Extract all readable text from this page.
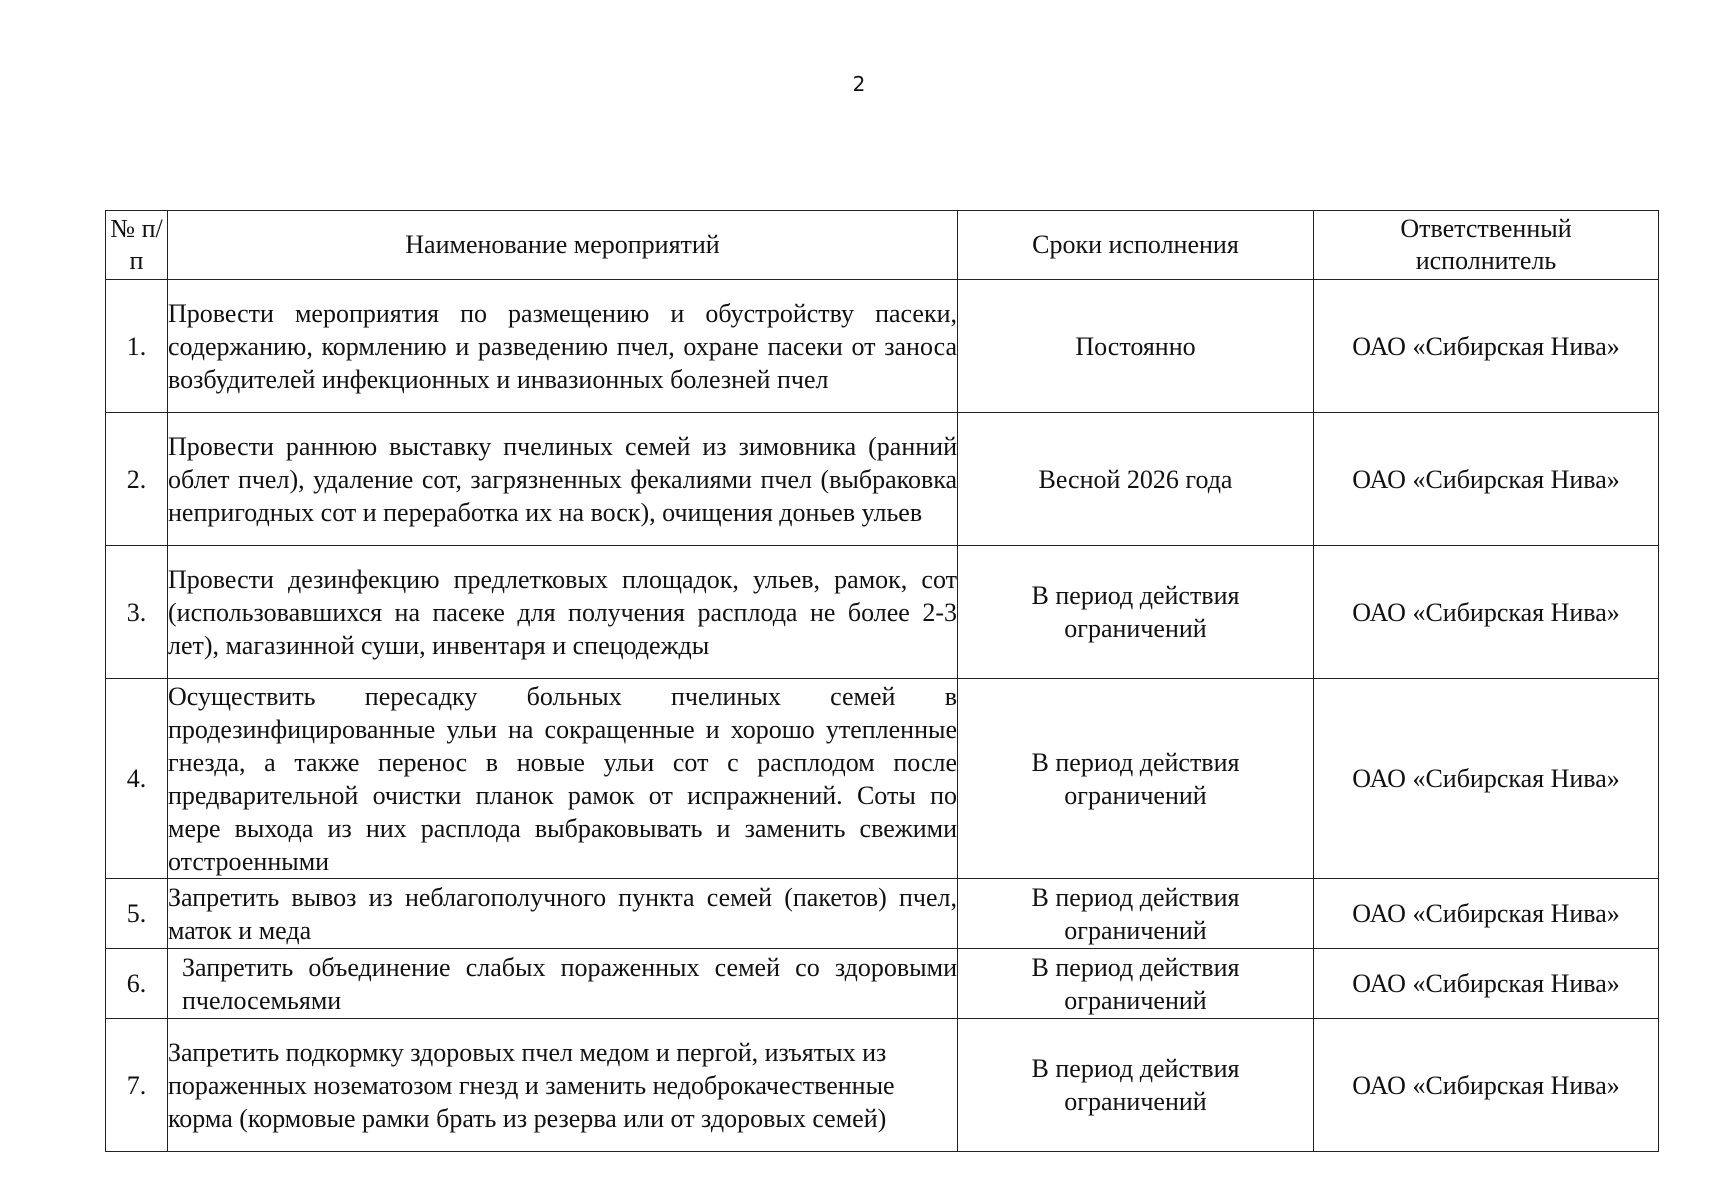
2
№ п/п	Наименование мероприятий	Сроки исполнения	Ответственный исполнитель
1.	Провести мероприятия по размещению и обустройству пасеки, содержанию, кормлению и разведению пчел, охране пасеки от заноса возбудителей инфекционных и инвазионных болезней пчел	Постоянно	ОАО «Сибирская Нива»
2.	Провести раннюю выставку пчелиных семей из зимовника (ранний облет пчел), удаление сот, загрязненных фекалиями пчел (выбраковка непригодных сот и переработка их на воск), очищения доньев ульев	Весной 2026 года	ОАО «Сибирская Нива»
3.	Провести дезинфекцию предлетковых площадок, ульев, рамок, сот (использовавшихся на пасеке для получения расплода не более 2-3 лет), магазинной суши, инвентаря и спецодежды	В период действия ограничений	ОАО «Сибирская Нива»
4.	Осуществить пересадку больных пчелиных семей в продезинфицированные ульи на сокращенные и хорошо утепленные гнезда, а также перенос в новые ульи сот с расплодом после предварительной очистки планок рамок от испражнений. Соты по мере выхода из них расплода выбраковывать и заменить свежими отстроенными	В период действия ограничений	ОАО «Сибирская Нива»
5.	Запретить вывоз из неблагополучного пункта семей (пакетов) пчел, маток и меда	В период действия ограничений	ОАО «Сибирская Нива»
6.	Запретить объединение слабых пораженных семей со здоровыми пчелосемьями	В период действия ограничений	ОАО «Сибирская Нива»
7.	Запретить подкормку здоровых пчел медом и пергой, изъятых из пораженных нозематозом гнезд и заменить недоброкачественные корма (кормовые рамки брать из резерва или от здоровых семей)	В период действия ограничений	ОАО «Сибирская Нива»
